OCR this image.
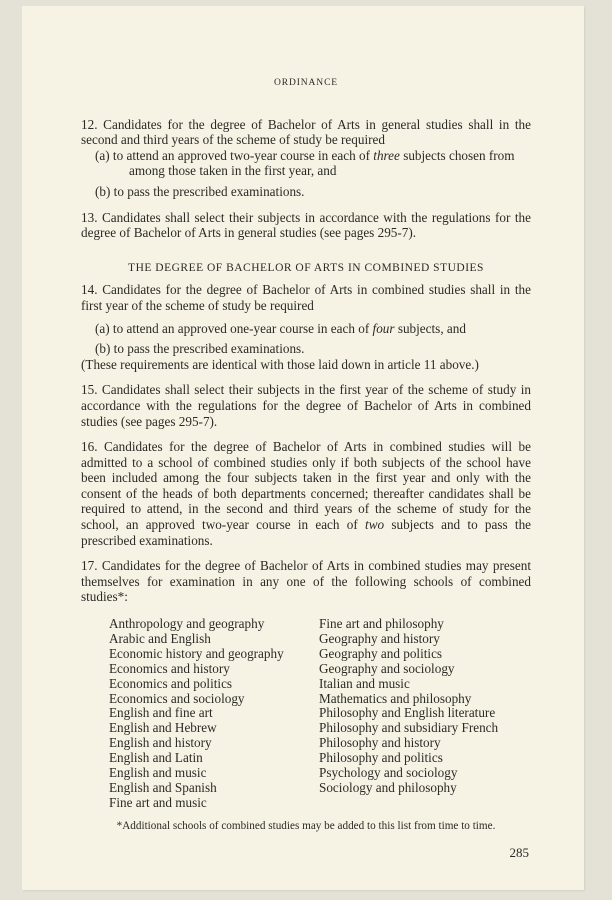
ORDINANCE

12. Candidates for the degree of Bachelor of Arts in general studies shall in the second and third years of the scheme of study be required

(a) to attend an approved two-year course in each of three subjects chosen from among those taken in the first year, and

(b) to pass the prescribed examinations.

13. Candidates shall select their subjects in accordance with the regulations for the degree of Bachelor of Arts in general studies (see pages 295-7).

THE DEGREE OF BACHELOR OF ARTS IN COMBINED STUDIES

14. Candidates for the degree of Bachelor of Arts in combined studies shall in the first year of the scheme of study be required

(a) to attend an approved one-year course in each of four subjects, and

(b) to pass the prescribed examinations.

(These requirements are identical with those laid down in article 11 above.)

15. Candidates shall select their subjects in the first year of the scheme of study in accordance with the regulations for the degree of Bachelor of Arts in combined studies (see pages 295-7).

16. Candidates for the degree of Bachelor of Arts in combined studies will be admitted to a school of combined studies only if both subjects of the school have been included among the four subjects taken in the first year and only with the consent of the heads of both departments concerned; thereafter candidates shall be required to attend, in the second and third years of the scheme of study for the school, an approved two-year course in each of two subjects and to pass the prescribed examinations.

17. Candidates for the degree of Bachelor of Arts in combined studies may present themselves for examination in any one of the following schools of combined studies*:

Anthropology and geography
Arabic and English
Economic history and geography
Economics and history
Economics and politics
Economics and sociology
English and fine art
English and Hebrew
English and history
English and Latin
English and music
English and Spanish
Fine art and music
Fine art and philosophy
Geography and history
Geography and politics
Geography and sociology
Italian and music
Mathematics and philosophy
Philosophy and English literature
Philosophy and subsidiary French
Philosophy and history
Philosophy and politics
Psychology and sociology
Sociology and philosophy
*Additional schools of combined studies may be added to this list from time to time.
285
